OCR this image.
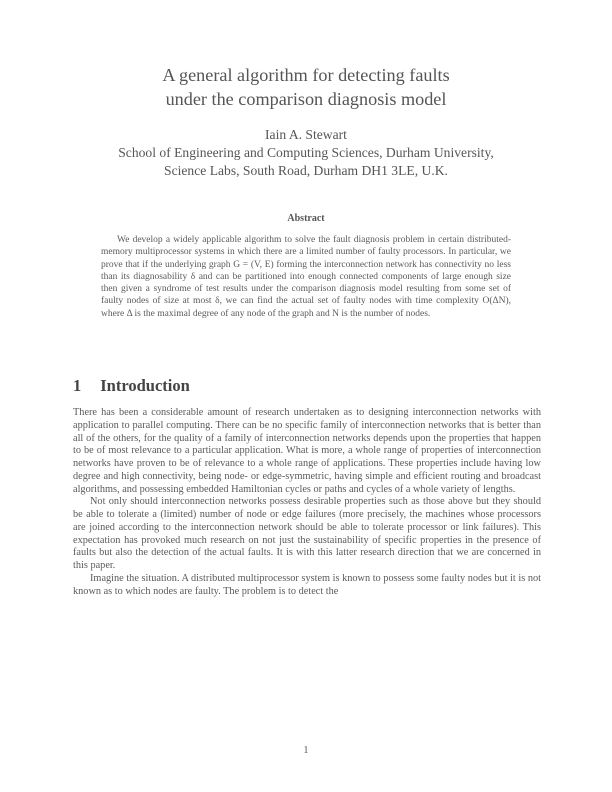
A general algorithm for detecting faults
under the comparison diagnosis model
Iain A. Stewart
School of Engineering and Computing Sciences, Durham University,
Science Labs, South Road, Durham DH1 3LE, U.K.
Abstract

We develop a widely applicable algorithm to solve the fault diagnosis problem in certain distributed-memory multiprocessor systems in which there are a limited number of faulty processors. In particular, we prove that if the underlying graph G = (V, E) forming the interconnection network has connectivity no less than its diagnosability δ and can be partitioned into enough connected components of large enough size then given a syndrome of test results under the comparison diagnosis model resulting from some set of faulty nodes of size at most δ, we can find the actual set of faulty nodes with time complexity O(ΔN), where Δ is the maximal degree of any node of the graph and N is the number of nodes.

1 Introduction

There has been a considerable amount of research undertaken as to designing interconnection networks with application to parallel computing. There can be no specific family of interconnection networks that is better than all of the others, for the quality of a family of interconnection networks depends upon the properties that happen to be of most relevance to a particular application. What is more, a whole range of properties of interconnection networks have proven to be of relevance to a whole range of applications. These properties include having low degree and high connectivity, being node- or edge-symmetric, having simple and efficient routing and broadcast algorithms, and possessing embedded Hamiltonian cycles or paths and cycles of a whole variety of lengths.

Not only should interconnection networks possess desirable properties such as those above but they should be able to tolerate a (limited) number of node or edge failures (more precisely, the machines whose processors are joined according to the interconnection network should be able to tolerate processor or link failures). This expectation has provoked much research on not just the sustainability of specific properties in the presence of faults but also the detection of the actual faults. It is with this latter research direction that we are concerned in this paper.

Imagine the situation. A distributed multiprocessor system is known to possess some faulty nodes but it is not known as to which nodes are faulty. The problem is to detect the

1
